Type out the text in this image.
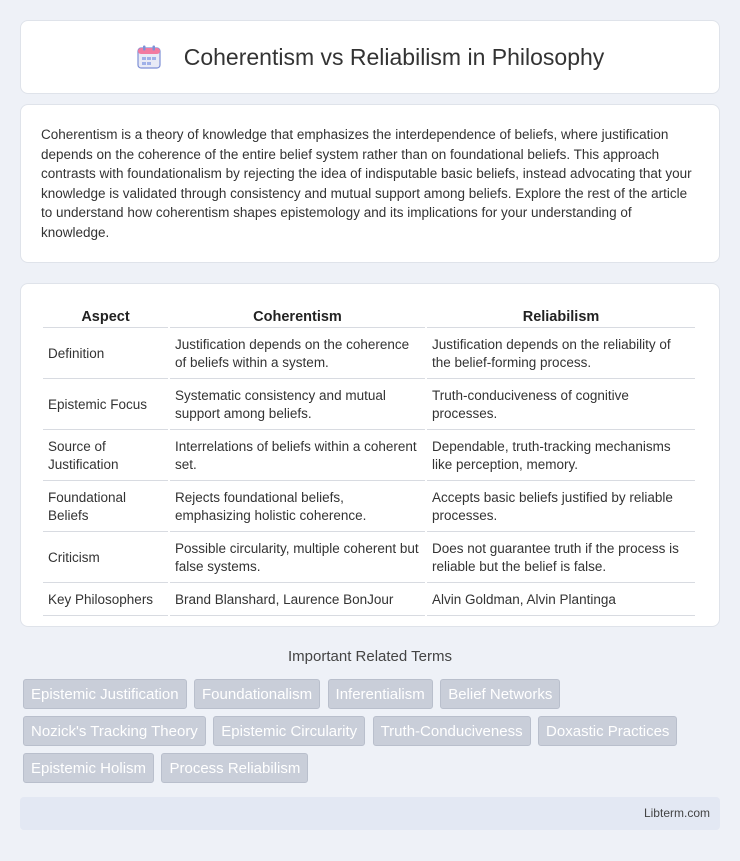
Coherentism vs Reliabilism in Philosophy

Coherentism is a theory of knowledge that emphasizes the interdependence of beliefs, where justification depends on the coherence of the entire belief system rather than on foundational beliefs. This approach contrasts with foundationalism by rejecting the idea of indisputable basic beliefs, instead advocating that your knowledge is validated through consistency and mutual support among beliefs. Explore the rest of the article to understand how coherentism shapes epistemology and its implications for your understanding of knowledge.

Aspect	Coherentism	Reliabilism
Definition	Justification depends on the coherence of beliefs within a system.	Justification depends on the reliability of the belief-forming process.
Epistemic Focus	Systematic consistency and mutual support among beliefs.	Truth-conduciveness of cognitive processes.
Source of Justification	Interrelations of beliefs within a coherent set.	Dependable, truth-tracking mechanisms like perception, memory.
Foundational Beliefs	Rejects foundational beliefs, emphasizing holistic coherence.	Accepts basic beliefs justified by reliable processes.
Criticism	Possible circularity, multiple coherent but false systems.	Does not guarantee truth if the process is reliable but the belief is false.
Key Philosophers	Brand Blanshard, Laurence BonJour	Alvin Goldman, Alvin Plantinga
Important Related Terms
Epistemic Justification Foundationalism Inferentialism Belief Networks Nozick's Tracking Theory Epistemic Circularity Truth-Conduciveness Doxastic Practices Epistemic Holism Process Reliabilism
Libterm.com
